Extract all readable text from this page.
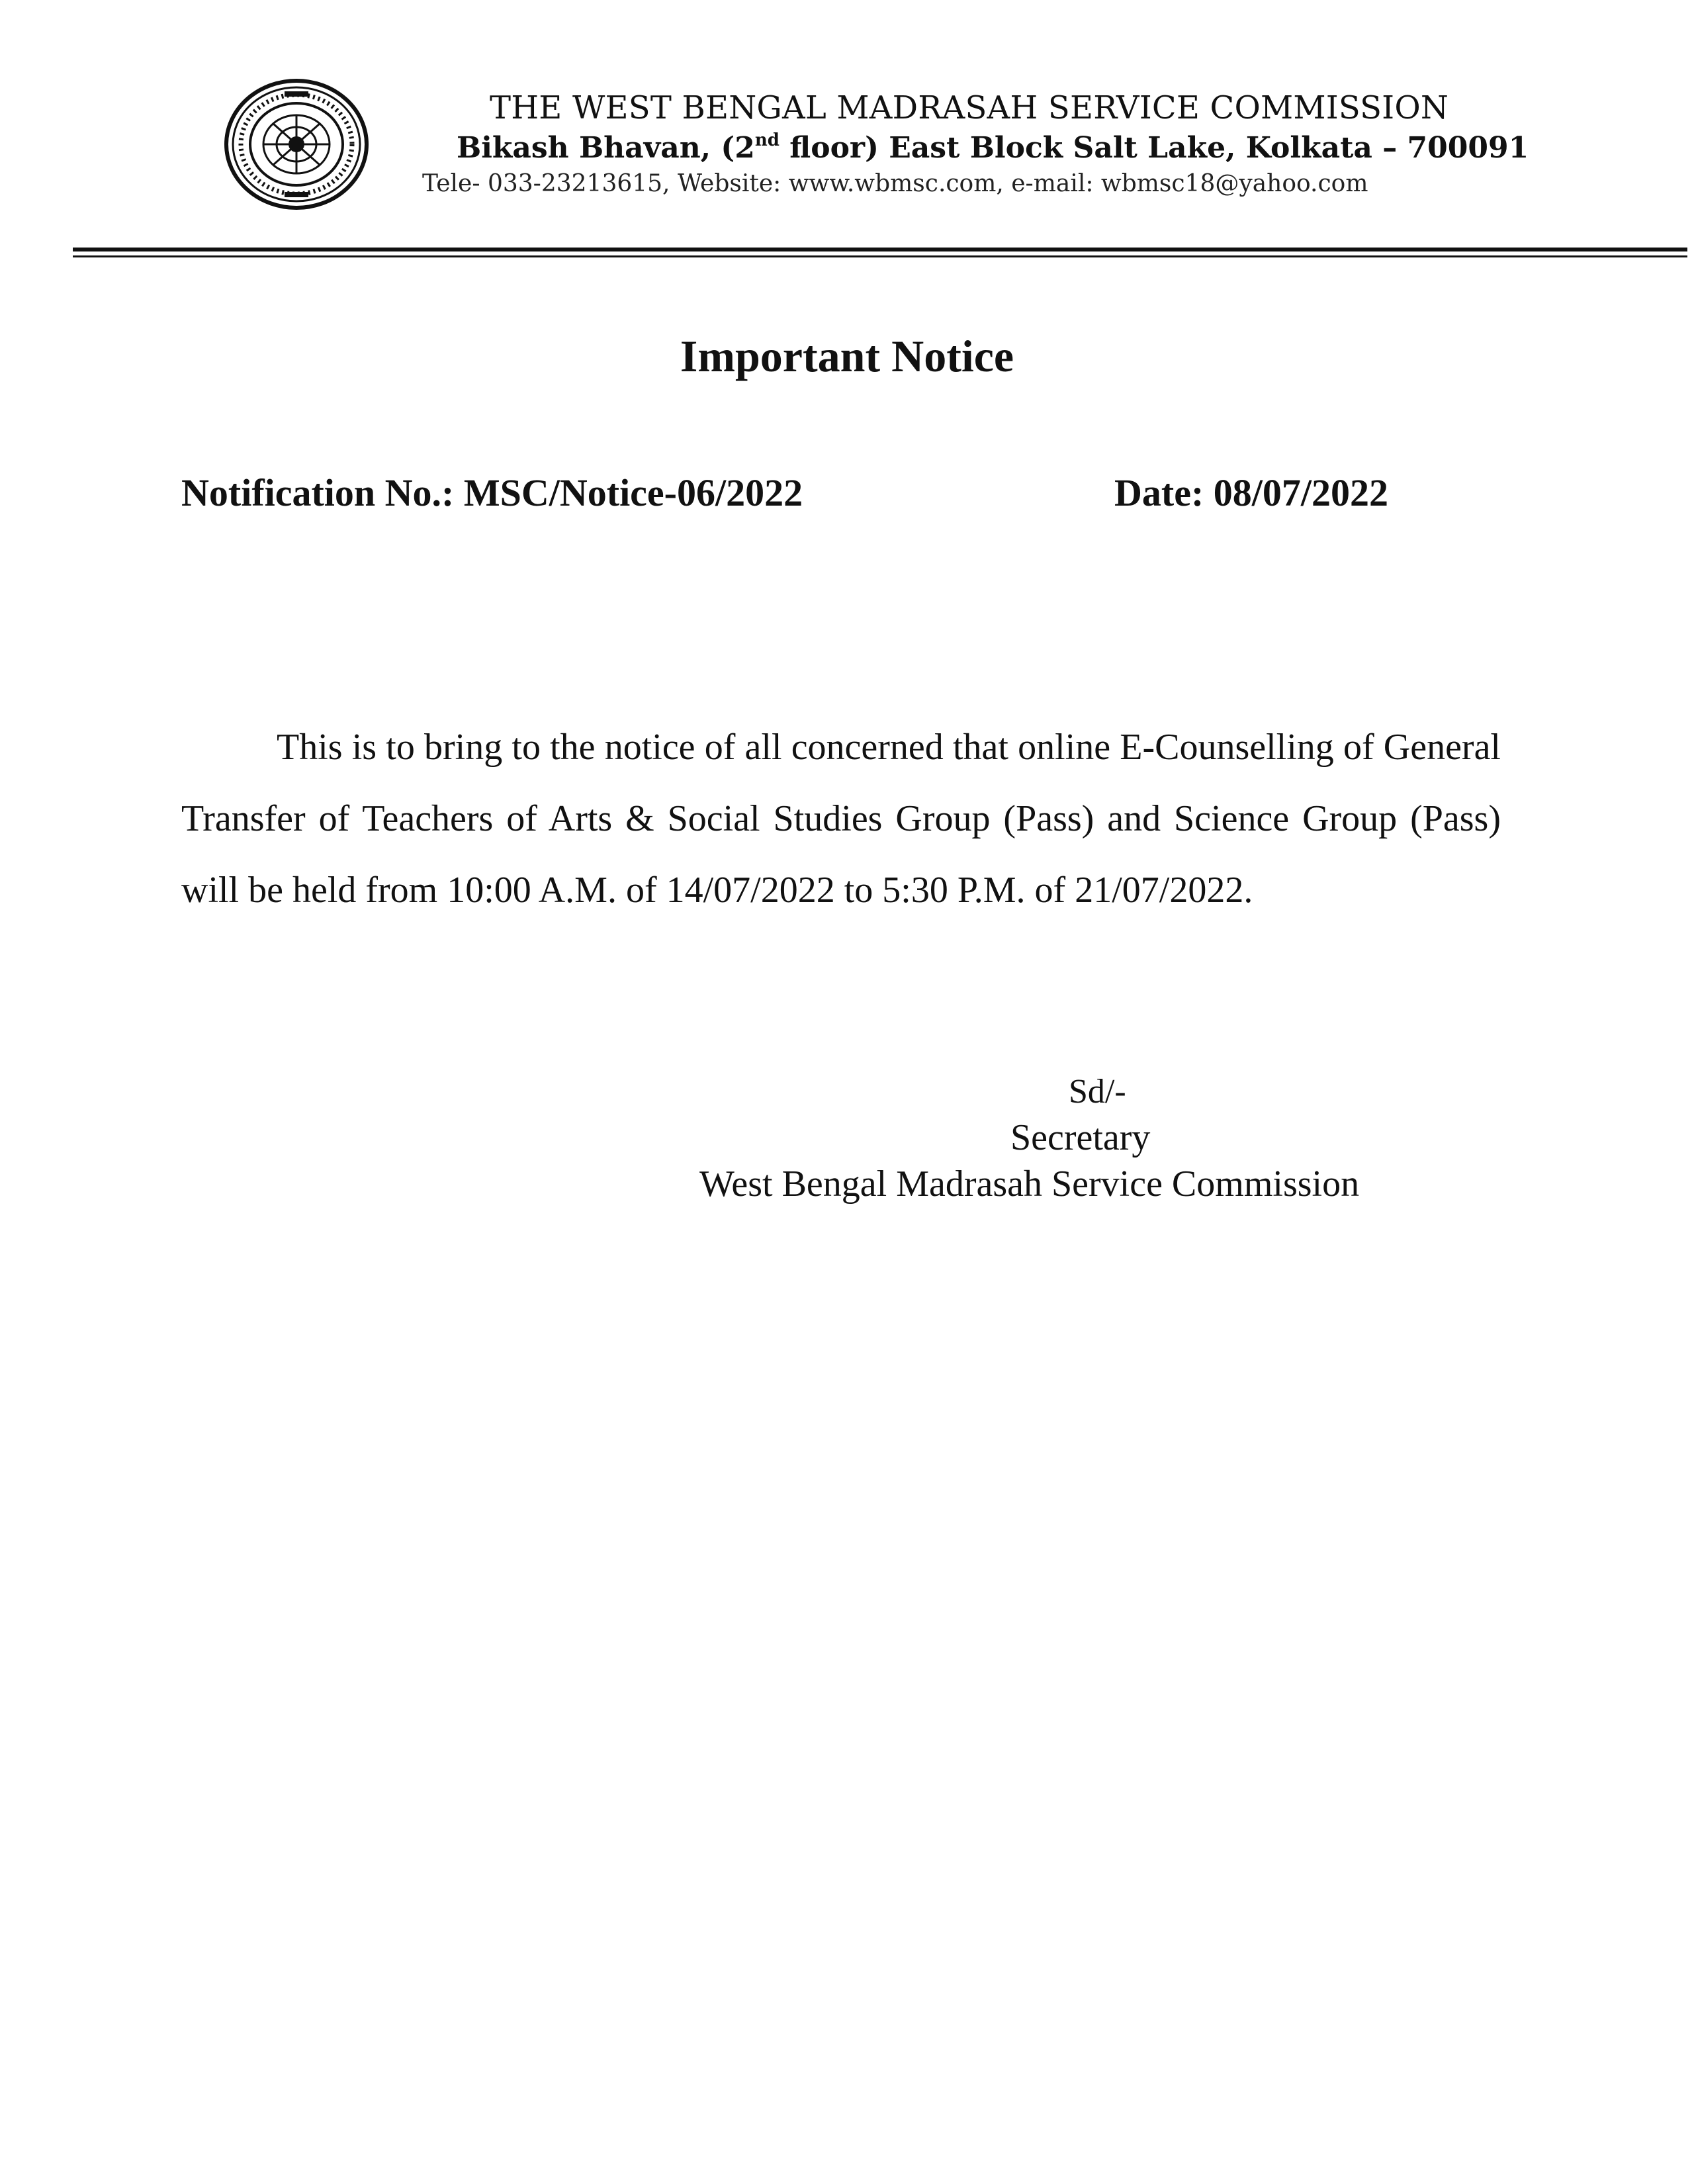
THE WEST BENGAL MADRASAH SERVICE COMMISSION
Bikash Bhavan, (2nd floor) East Block Salt Lake, Kolkata – 700091
Tele- 033-23213615, Website: www.wbmsc.com, e-mail: wbmsc18@yahoo.com
Important Notice
Notification No.: MSC/Notice-06/2022	Date: 08/07/2022
This is to bring to the notice of all concerned that online E-Counselling of General Transfer of Teachers of Arts & Social Studies Group (Pass) and Science Group (Pass) will be held from 10:00 A.M. of 14/07/2022 to 5:30 P.M. of 21/07/2022.
Sd/-
Secretary
West Bengal Madrasah Service Commission
